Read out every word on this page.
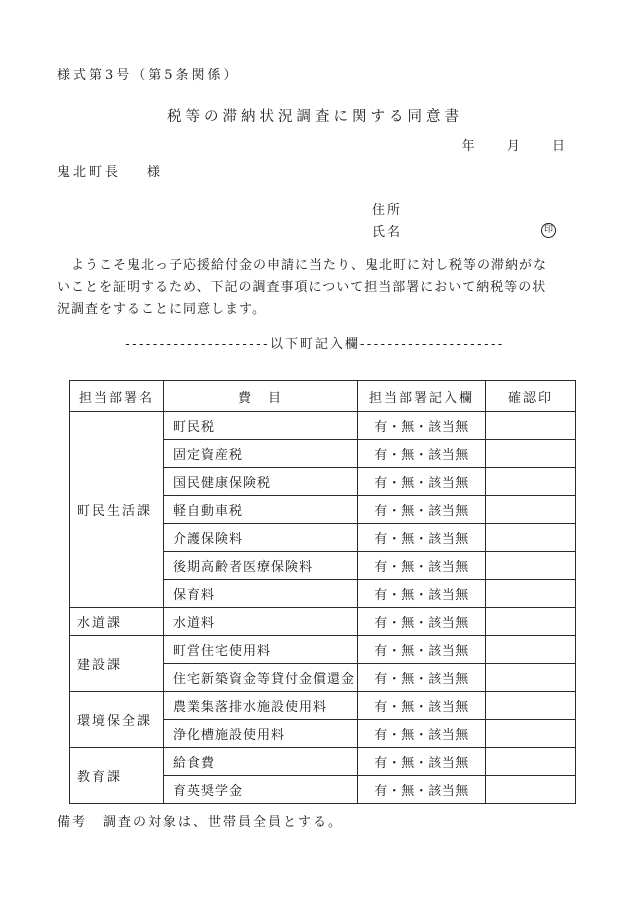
様式第3号（第5条関係）
税等の滞納状況調査に関する同意書
年 月 日
鬼北町長 様
住所
氏名	印
　ようこそ鬼北っ子応援給付金の申請に当たり、鬼北町に対し税等の滞納がな
いことを証明するため、下記の調査事項について担当部署において納税等の状
況調査をすることに同意します。
---------------------以下町記入欄---------------------
担当部署名	費　目	担当部署記入欄	確認印
町民生活課	町民税	有・無・該当無	
	固定資産税	有・無・該当無	
	国民健康保険税	有・無・該当無	
	軽自動車税	有・無・該当無	
	介護保険料	有・無・該当無	
	後期高齢者医療保険料	有・無・該当無	
	保育料	有・無・該当無	
水道課	水道料	有・無・該当無	
建設課	町営住宅使用料	有・無・該当無	
	住宅新築資金等貸付金償還金	有・無・該当無	
環境保全課	農業集落排水施設使用料	有・無・該当無	
	浄化槽施設使用料	有・無・該当無	
教育課	給食費	有・無・該当無	
	育英奨学金	有・無・該当無	
備考 調査の対象は、世帯員全員とする。
